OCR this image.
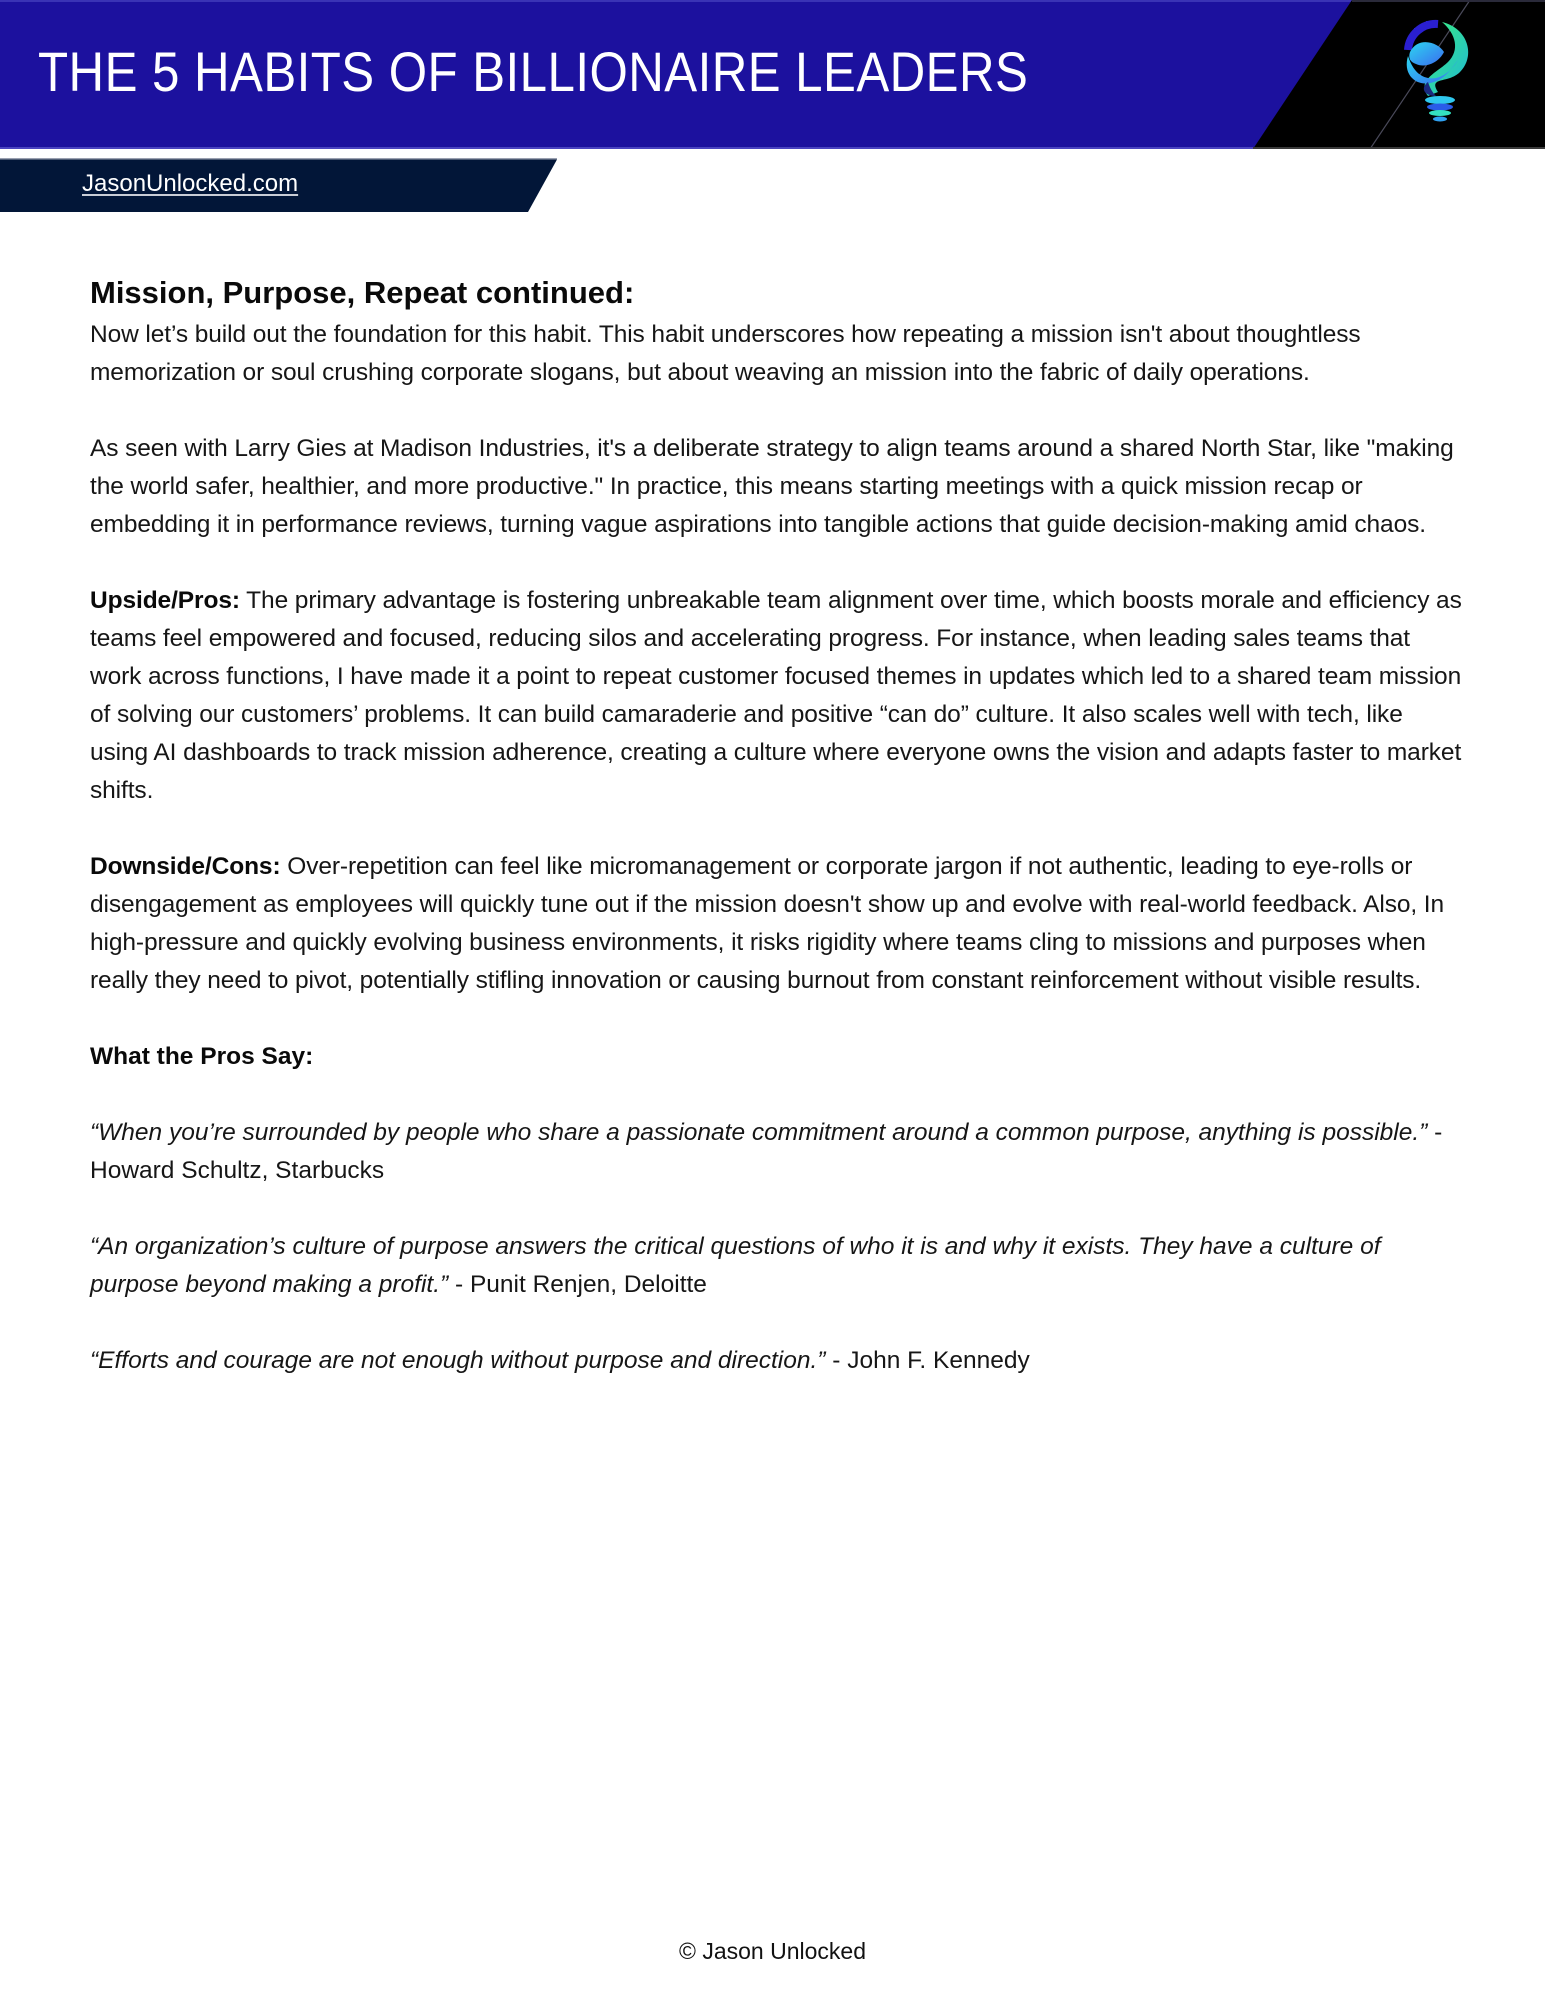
THE 5 HABITS OF BILLIONAIRE LEADERS
JasonUnlocked.com
Mission, Purpose, Repeat continued:

Now let’s build out the foundation for this habit. This habit underscores how repeating a mission isn't about thoughtless memorization or soul crushing corporate slogans, but about weaving an mission into the fabric of daily operations.

As seen with Larry Gies at Madison Industries, it's a deliberate strategy to align teams around a shared North Star, like "making the world safer, healthier, and more productive." In practice, this means starting meetings with a quick mission recap or embedding it in performance reviews, turning vague aspirations into tangible actions that guide decision-making amid chaos.

Upside/Pros: The primary advantage is fostering unbreakable team alignment over time, which boosts morale and efficiency as teams feel empowered and focused, reducing silos and accelerating progress. For instance, when leading sales teams that work across functions, I have made it a point to repeat customer focused themes in updates which led to a shared team mission of solving our customers’ problems. It can build camaraderie and positive “can do” culture. It also scales well with tech, like using AI dashboards to track mission adherence, creating a culture where everyone owns the vision and adapts faster to market shifts.

Downside/Cons: Over-repetition can feel like micromanagement or corporate jargon if not authentic, leading to eye-rolls or disengagement as employees will quickly tune out if the mission doesn't show up and evolve with real-world feedback. Also, In high-pressure and quickly evolving business environments, it risks rigidity where teams cling to missions and purposes when really they need to pivot, potentially stifling innovation or causing burnout from constant reinforcement without visible results.

What the Pros Say:

“When you’re surrounded by people who share a passionate commitment around a common purpose, anything is possible.” - Howard Schultz, Starbucks

“An organization’s culture of purpose answers the critical questions of who it is and why it exists. They have a culture of purpose beyond making a profit.” - Punit Renjen, Deloitte

“Efforts and courage are not enough without purpose and direction.” - John F. Kennedy

© Jason Unlocked
